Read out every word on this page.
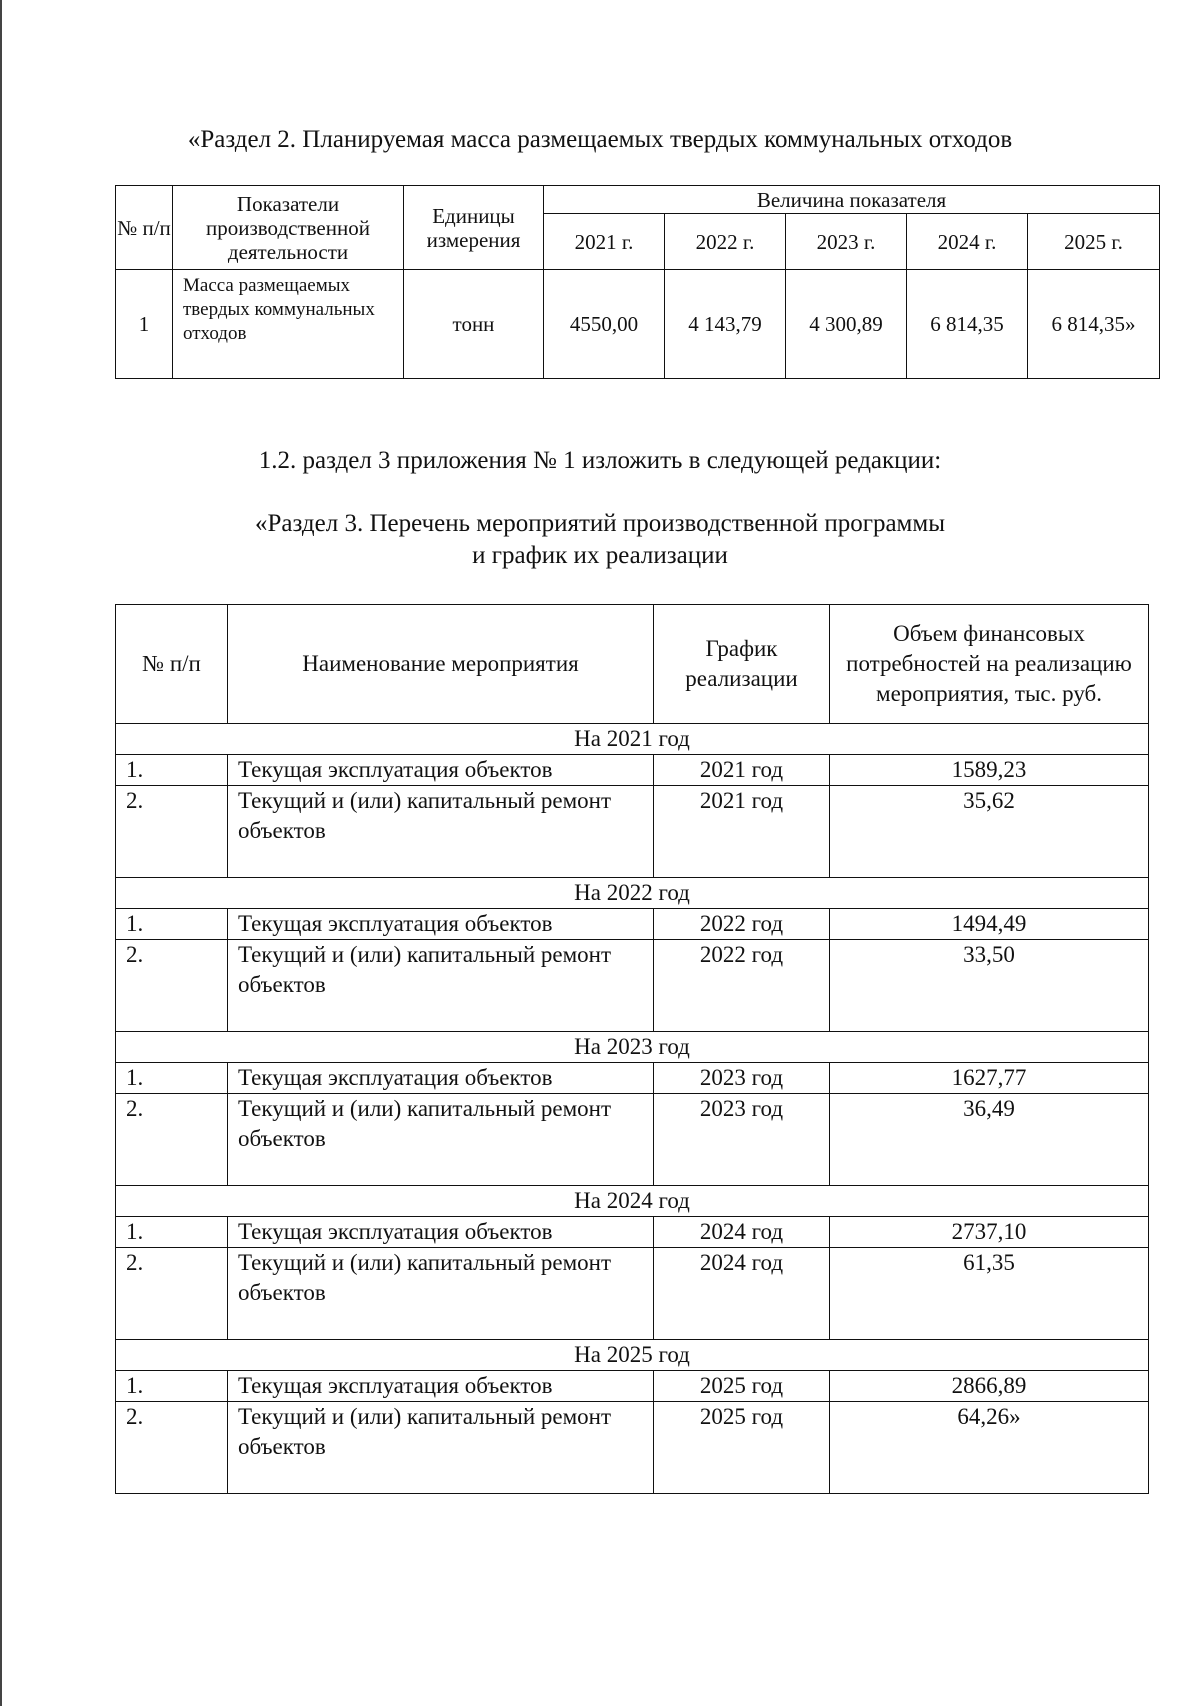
«Раздел 2. Планируемая масса размещаемых твердых коммунальных отходов
№ п/п	Показатели производственной деятельности	Единицы измерения	Величина показателя				
			2021 г.	2022 г.	2023 г.	2024 г.	2025 г.
1	Масса размещаемых твердых коммунальных отходов	тонн	4550,00	4 143,79	4 300,89	6 814,35	6 814,35»

1.2. раздел 3 приложения № 1 изложить в следующей редакции:

«Раздел 3. Перечень мероприятий производственной программы
и график их реализации
№ п/п	Наименование мероприятия	График реализации	Объем финансовых потребностей на реализацию мероприятия, тыс. руб.
На 2021 год			
1.	Текущая эксплуатация объектов	2021 год	1589,23
2.	Текущий и (или) капитальный ремонт объектов	2021 год	35,62
На 2022 год			
1.	Текущая эксплуатация объектов	2022 год	1494,49
2.	Текущий и (или) капитальный ремонт объектов	2022 год	33,50
На 2023 год			
1.	Текущая эксплуатация объектов	2023 год	1627,77
2.	Текущий и (или) капитальный ремонт объектов	2023 год	36,49
На 2024 год			
1.	Текущая эксплуатация объектов	2024 год	2737,10
2.	Текущий и (или) капитальный ремонт объектов	2024 год	61,35
На 2025 год			
1.	Текущая эксплуатация объектов	2025 год	2866,89
2.	Текущий и (или) капитальный ремонт объектов	2025 год	64,26»
